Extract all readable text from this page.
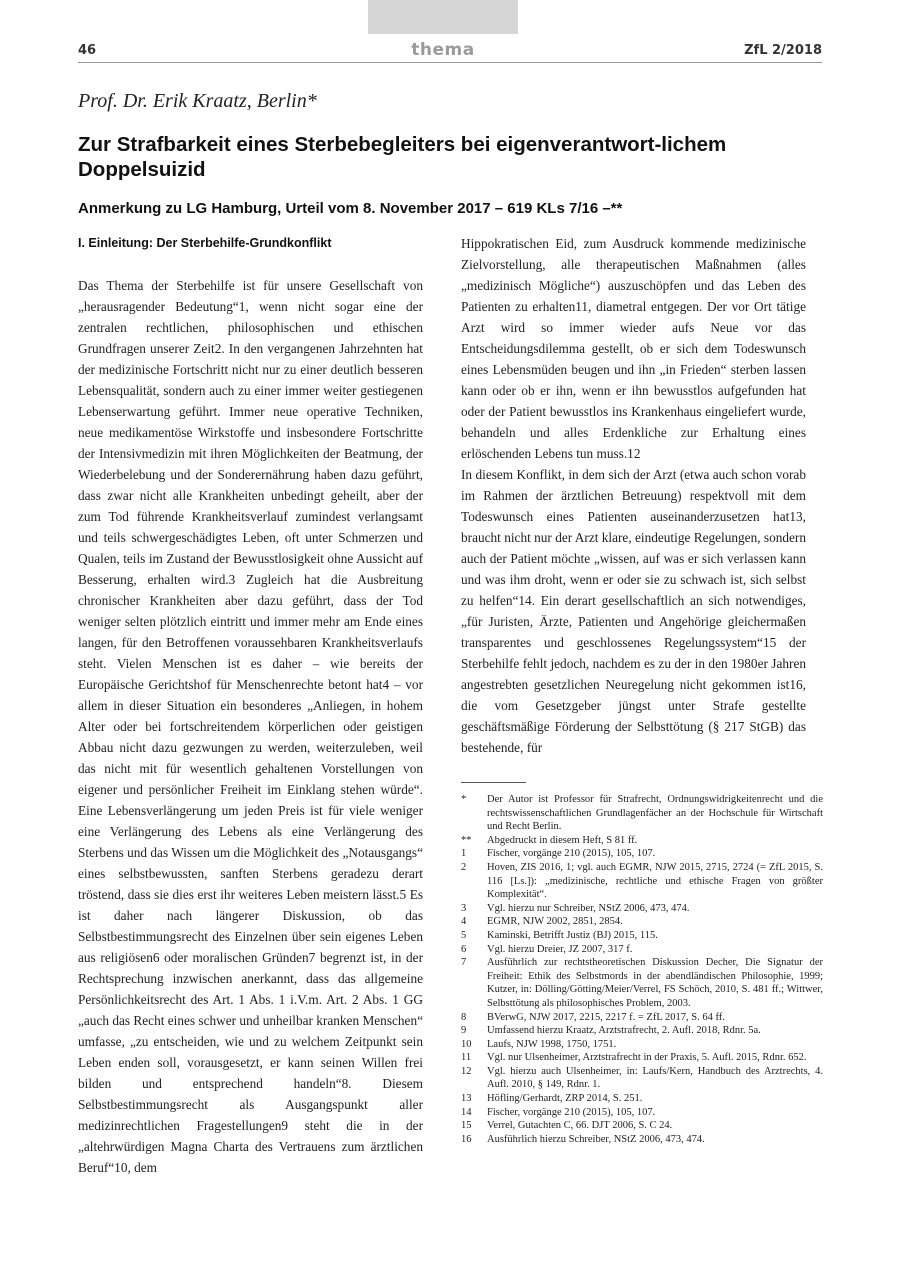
thema
46	ZfL 2/2018
Prof. Dr. Erik Kraatz, Berlin*
Zur Strafbarkeit eines Sterbebegleiters bei eigenverantwort-lichem Doppelsuizid
Anmerkung zu LG Hamburg, Urteil vom 8. November 2017 – 619 KLs 7/16 –**
I. Einleitung: Der Sterbehilfe-Grundkonflikt

Das Thema der Sterbehilfe ist für unsere Gesellschaft von „herausragender Bedeutung“1, wenn nicht sogar eine der zentralen rechtlichen, philosophischen und ethischen Grundfragen unserer Zeit2. In den vergangenen Jahrzehnten hat der medizinische Fortschritt nicht nur zu einer deutlich besseren Lebensqualität, sondern auch zu einer immer weiter gestiegenen Lebenserwartung geführt. Immer neue operative Techniken, neue medikamentöse Wirkstoffe und insbesondere Fortschritte der Intensivmedizin mit ihren Möglichkeiten der Beatmung, der Wiederbelebung und der Sonderernährung haben dazu geführt, dass zwar nicht alle Krankheiten unbedingt geheilt, aber der zum Tod führende Krankheitsverlauf zumindest verlangsamt und teils schwergeschädigtes Leben, oft unter Schmerzen und Qualen, teils im Zustand der Bewusstlosigkeit ohne Aussicht auf Besserung, erhalten wird.3 Zugleich hat die Ausbreitung chronischer Krankheiten aber dazu geführt, dass der Tod weniger selten plötzlich eintritt und immer mehr am Ende eines langen, für den Betroffenen voraussehbaren Krankheitsverlaufs steht. Vielen Menschen ist es daher – wie bereits der Europäische Gerichtshof für Menschenrechte betont hat4 – vor allem in dieser Situation ein besonderes „Anliegen, in hohem Alter oder bei fortschreitendem körperlichen oder geistigen Abbau nicht dazu gezwungen zu werden, weiterzuleben, weil das nicht mit für wesentlich gehaltenen Vorstellungen von eigener und persönlicher Freiheit im Einklang stehen würde“. Eine Lebensverlängerung um jeden Preis ist für viele weniger eine Verlängerung des Lebens als eine Verlängerung des Sterbens und das Wissen um die Möglichkeit des „Notausgangs“ eines selbstbewussten, sanften Sterbens geradezu derart tröstend, dass sie dies erst ihr weiteres Leben meistern lässt.5 Es ist daher nach längerer Diskussion, ob das Selbstbestimmungsrecht des Einzelnen über sein eigenes Leben aus religiösen6 oder moralischen Gründen7 begrenzt ist, in der Rechtsprechung inzwischen anerkannt, dass das allgemeine Persönlichkeitsrecht des Art. 1 Abs. 1 i.V.m. Art. 2 Abs. 1 GG „auch das Recht eines schwer und unheilbar kranken Menschen“ umfasse, „zu entscheiden, wie und zu welchem Zeitpunkt sein Leben enden soll, vorausgesetzt, er kann seinen Willen frei bilden und entsprechend handeln“8. Diesem Selbstbestimmungsrecht als Ausgangspunkt aller medizinrechtlichen Fragestellungen9 steht die in der „altehrwürdigen Magna Charta des Vertrauens zum ärztlichen Beruf“10, dem

Hippokratischen Eid, zum Ausdruck kommende medizinische Zielvorstellung, alle therapeutischen Maßnahmen (alles „medizinisch Mögliche“) auszuschöpfen und das Leben des Patienten zu erhalten11, diametral entgegen. Der vor Ort tätige Arzt wird so immer wieder aufs Neue vor das Entscheidungsdilemma gestellt, ob er sich dem Todeswunsch eines Lebensmüden beugen und ihn „in Frieden“ sterben lassen kann oder ob er ihn, wenn er ihn bewusstlos aufgefunden hat oder der Patient bewusstlos ins Krankenhaus eingeliefert wurde, behandeln und alles Erdenkliche zur Erhaltung eines erlöschenden Lebens tun muss.12

In diesem Konflikt, in dem sich der Arzt (etwa auch schon vorab im Rahmen der ärztlichen Betreuung) respektvoll mit dem Todeswunsch eines Patienten auseinanderzusetzen hat13, braucht nicht nur der Arzt klare, eindeutige Regelungen, sondern auch der Patient möchte „wissen, auf was er sich verlassen kann und was ihm droht, wenn er oder sie zu schwach ist, sich selbst zu helfen“14. Ein derart gesellschaftlich an sich notwendiges, „für Juristen, Ärzte, Patienten und Angehörige gleichermaßen transparentes und geschlossenes Regelungssystem“15 der Sterbehilfe fehlt jedoch, nachdem es zu der in den 1980er Jahren angestrebten gesetzlichen Neuregelung nicht gekommen ist16, die vom Gesetzgeber jüngst unter Strafe gestellte geschäftsmäßige Förderung der Selbsttötung (§ 217 StGB) das bestehende, für

*	Der Autor ist Professor für Strafrecht, Ordnungswidrigkeitenrecht und die rechtswissenschaftlichen Grundlagenfächer an der Hochschule für Wirtschaft und Recht Berlin.
**	Abgedruckt in diesem Heft, S 81 ff.
1	Fischer, vorgänge 210 (2015), 105, 107.
2	Hoven, ZIS 2016, 1; vgl. auch EGMR, NJW 2015, 2715, 2724 (= ZfL 2015, S. 116 [Ls.]): „medizinische, rechtliche und ethische Fragen von größter Komplexität“.
3	Vgl. hierzu nur Schreiber, NStZ 2006, 473, 474.
4	EGMR, NJW 2002, 2851, 2854.
5	Kaminski, Betrifft Justiz (BJ) 2015, 115.
6	Vgl. hierzu Dreier, JZ 2007, 317 f.
7	Ausführlich zur rechtstheoretischen Diskussion Decher, Die Signatur der Freiheit: Ethik des Selbstmords in der abendländischen Philosophie, 1999; Kutzer, in: Dölling/Götting/Meier/Verrel, FS Schöch, 2010, S. 481 ff.; Wittwer, Selbsttötung als philosophisches Problem, 2003.
8	BVerwG, NJW 2017, 2215, 2217 f. = ZfL 2017, S. 64 ff.
9	Umfassend hierzu Kraatz, Arztstrafrecht, 2. Aufl. 2018, Rdnr. 5a.
10	Laufs, NJW 1998, 1750, 1751.
11	Vgl. nur Ulsenheimer, Arztstrafrecht in der Praxis, 5. Aufl. 2015, Rdnr. 652.
12	Vgl. hierzu auch Ulsenheimer, in: Laufs/Kern, Handbuch des Arztrechts, 4. Aufl. 2010, § 149, Rdnr. 1.
13	Höfling/Gerhardt, ZRP 2014, S. 251.
14	Fischer, vorgänge 210 (2015), 105, 107.
15	Verrel, Gutachten C, 66. DJT 2006, S. C 24.
16	Ausführlich hierzu Schreiber, NStZ 2006, 473, 474.
